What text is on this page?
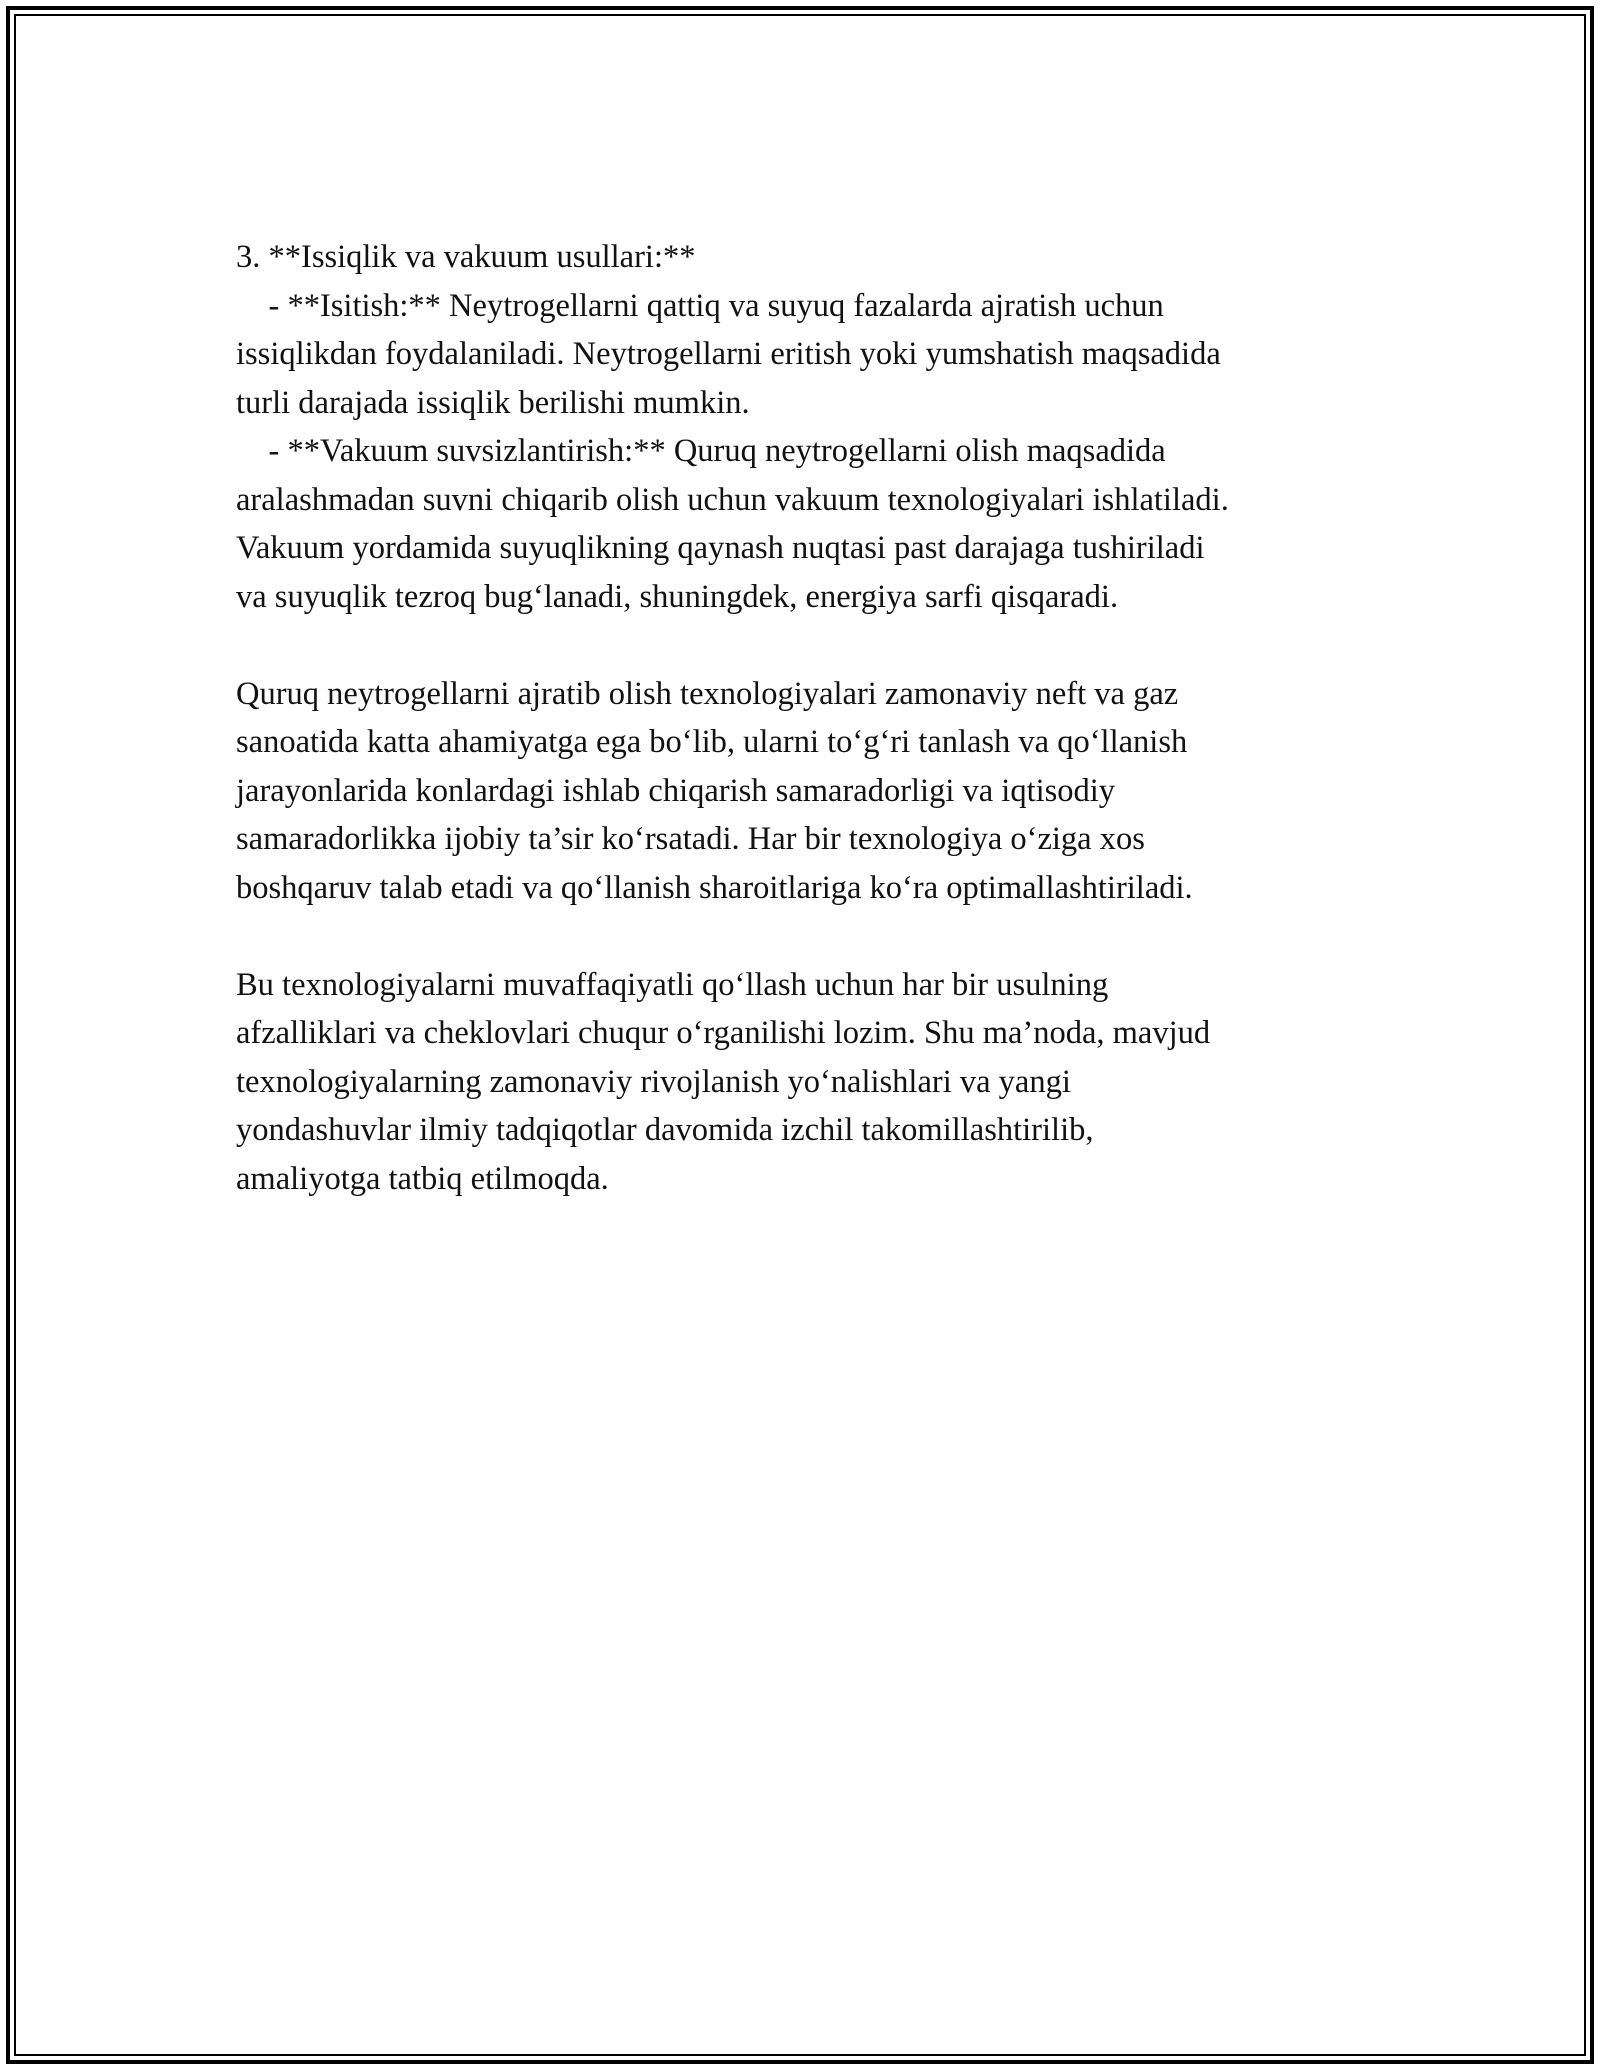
3. **Issiqlik va vakuum usullari:**
- **Isitish:** Neytrogellarni qattiq va suyuq fazalarda ajratish uchun
issiqlikdan foydalaniladi. Neytrogellarni eritish yoki yumshatish maqsadida
turli darajada issiqlik berilishi mumkin.
- **Vakuum suvsizlantirish:** Quruq neytrogellarni olish maqsadida
aralashmadan suvni chiqarib olish uchun vakuum texnologiyalari ishlatiladi.
Vakuum yordamida suyuqlikning qaynash nuqtasi past darajaga tushiriladi
va suyuqlik tezroq bug‘lanadi, shuningdek, energiya sarfi qisqaradi.
Quruq neytrogellarni ajratib olish texnologiyalari zamonaviy neft va gaz
sanoatida katta ahamiyatga ega bo‘lib, ularni to‘g‘ri tanlash va qo‘llanish
jarayonlarida konlardagi ishlab chiqarish samaradorligi va iqtisodiy
samaradorlikka ijobiy ta’sir ko‘rsatadi. Har bir texnologiya o‘ziga xos
boshqaruv talab etadi va qo‘llanish sharoitlariga ko‘ra optimallashtiriladi.
Bu texnologiyalarni muvaffaqiyatli qo‘llash uchun har bir usulning
afzalliklari va cheklovlari chuqur o‘rganilishi lozim. Shu ma’noda, mavjud
texnologiyalarning zamonaviy rivojlanish yo‘nalishlari va yangi
yondashuvlar ilmiy tadqiqotlar davomida izchil takomillashtirilib,
amaliyotga tatbiq etilmoqda.
